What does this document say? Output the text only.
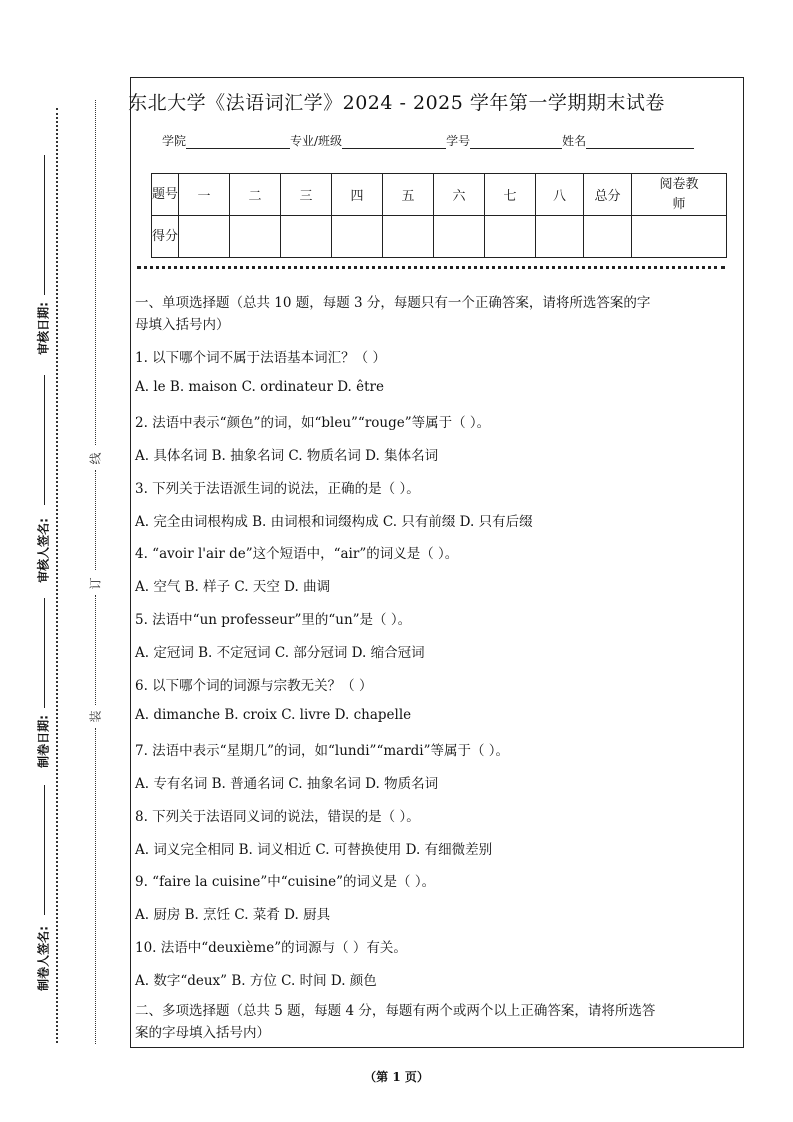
审核日期:
审核人签名:
制卷日期:
制卷人签名:
线
订
装
东北大学《法语词汇学》2024 - 2025 学年第一学期期末试卷
学院	专业/班级	学号	姓名
题号	一	二	三	四	五	六	七	八	总分	阅卷教师
得分										
一、单项选择题（总共 10 题，每题 3 分，每题只有一个正确答案，请将所选答案的字
母填入括号内）
1. 以下哪个词不属于法语基本词汇？（ ）
A. le B. maison C. ordinateur D. être
2. 法语中表示“颜色”的词，如“bleu”“rouge”等属于（ ）。
A. 具体名词 B. 抽象名词 C. 物质名词 D. 集体名词
3. 下列关于法语派生词的说法，正确的是（ ）。
A. 完全由词根构成 B. 由词根和词缀构成 C. 只有前缀 D. 只有后缀
4. “avoir l'air de”这个短语中，“air”的词义是（ ）。
A. 空气 B. 样子 C. 天空 D. 曲调
5. 法语中“un professeur”里的“un”是（ ）。
A. 定冠词 B. 不定冠词 C. 部分冠词 D. 缩合冠词
6. 以下哪个词的词源与宗教无关？（ ）
A. dimanche B. croix C. livre D. chapelle
7. 法语中表示“星期几”的词，如“lundi”“mardi”等属于（ ）。
A. 专有名词 B. 普通名词 C. 抽象名词 D. 物质名词
8. 下列关于法语同义词的说法，错误的是（ ）。
A. 词义完全相同 B. 词义相近 C. 可替换使用 D. 有细微差别
9. “faire la cuisine”中“cuisine”的词义是（ ）。
A. 厨房 B. 烹饪 C. 菜肴 D. 厨具
10. 法语中“deuxième”的词源与（ ）有关。
A. 数字“deux” B. 方位 C. 时间 D. 颜色
二、多项选择题（总共 5 题，每题 4 分，每题有两个或两个以上正确答案，请将所选答
案的字母填入括号内）
（第 1 页）
